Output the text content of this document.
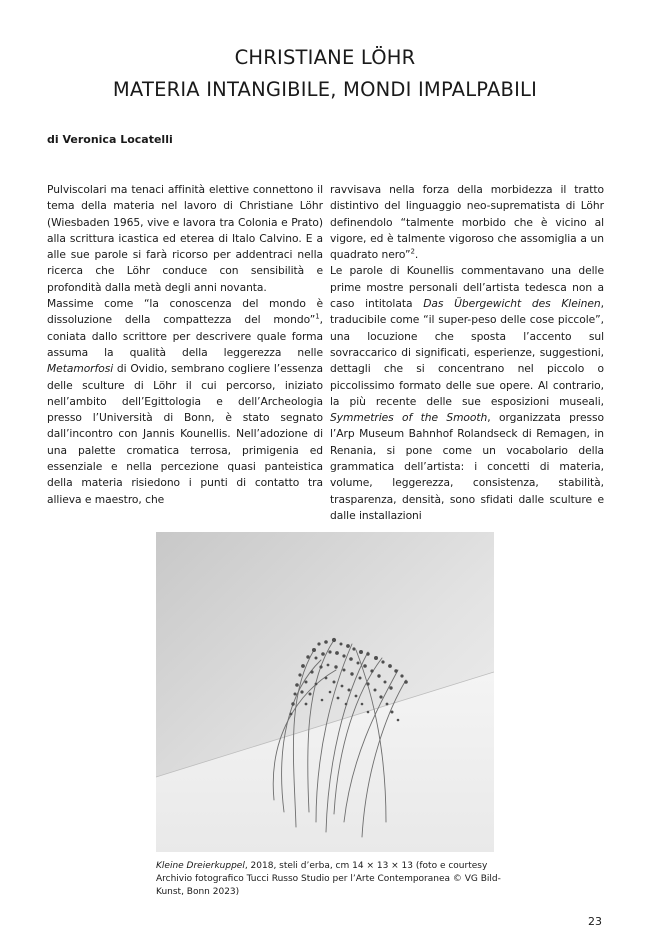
CHRISTIANE LÖHR
MATERIA INTANGIBILE, MONDI IMPALPABILI
di Veronica Locatelli

Pulviscolari ma tenaci affinità elettive connettono il tema della materia nel lavoro di Christiane Löhr (Wiesbaden 1965, vive e lavora tra Colonia e Prato) alla scrittura icastica ed eterea di Italo Calvino. E a alle sue parole si farà ricorso per addentraci nella ricerca che Löhr conduce con sensibilità e profondità dalla metà degli anni novanta.

Massime come “la conoscenza del mondo è dissoluzione della compattezza del mondo”$^1$, coniata dallo scrittore per descrivere quale forma assuma la qualità della leggerezza nelle Metamorfosi di Ovidio, sembrano cogliere l’essenza delle sculture di Löhr il cui percorso, iniziato nell’ambito dell’Egittologia e dell’Archeologia presso l’Università di Bonn, è stato segnato dall’incontro con Jannis Kounellis. Nell’adozione di una palette cromatica terrosa, primigenia ed essenziale e nella percezione quasi panteistica della materia risiedono i punti di contatto tra allieva e maestro, che

ravvisava nella forza della morbidezza il tratto distintivo del linguaggio neo-suprematista di Löhr definendolo “talmente morbido che è vicino al vigore, ed è talmente vigoroso che assomiglia a un quadrato nero”$^2$.

Le parole di Kounellis commentavano una delle prime mostre personali dell’artista tedesca non a caso intitolata Das Übergewicht des Kleinen, traducibile come “il super-peso delle cose piccole”, una locuzione che sposta l’accento sul sovraccarico di significati, esperienze, suggestioni, dettagli che si concentrano nel piccolo o piccolissimo formato delle sue opere. Al contrario, la più recente delle sue esposizioni museali, Symmetries of the Smooth, organizzata presso l’Arp Museum Bahnhof Rolandseck di Remagen, in Renania, si pone come un vocabolario della grammatica dell’artista: i concetti di materia, volume, leggerezza, consistenza, stabilità, trasparenza, densità, sono sfidati dalle sculture e dalle installazioni

Kleine Dreierkuppel, 2018, steli d’erba, cm 14 × 13 × 13 (foto e courtesy Archivio fotografico Tucci Russo Studio per l’Arte Contemporanea © VG Bild-Kunst, Bonn 2023)
23
